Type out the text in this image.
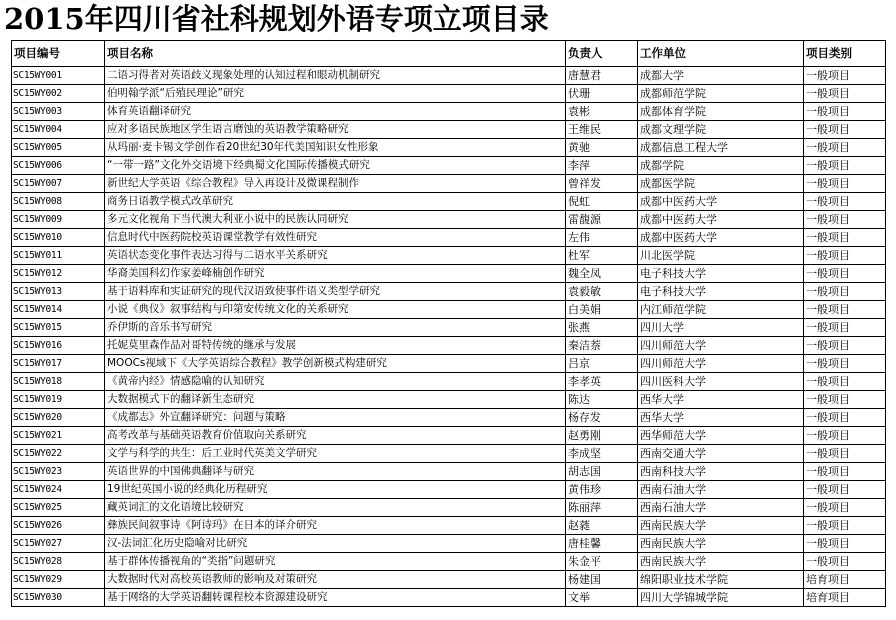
2015年四川省社科规划外语专项立项目录
项目编号	项目名称	负责人	工作单位	项目类别
SC15WY001	二语习得者对英语歧义现象处理的认知过程和眼动机制研究	唐慧君	成都大学	一般项目
SC15WY002	伯明翰学派“后殖民理论”研究	伏珊	成都师范学院	一般项目
SC15WY003	体育英语翻译研究	袁彬	成都体育学院	一般项目
SC15WY004	应对多语民族地区学生语言磨蚀的英语教学策略研究	王维民	成都文理学院	一般项目
SC15WY005	从玛丽·麦卡锡文学创作看20世纪30年代美国知识女性形象	黄驰	成都信息工程大学	一般项目
SC15WY006	“一带一路”文化外交语境下经典蜀文化国际传播模式研究	李萍	成都学院	一般项目
SC15WY007	新世纪大学英语《综合教程》导入再设计及微课程制作	曾祥发	成都医学院	一般项目
SC15WY008	商务日语教学模式改革研究	倪虹	成都中医药大学	一般项目
SC15WY009	多元文化视角下当代澳大利亚小说中的民族认同研究	雷馥源	成都中医药大学	一般项目
SC15WY010	信息时代中医药院校英语课堂教学有效性研究	左伟	成都中医药大学	一般项目
SC15WY011	英语状态变化事件表达习得与二语水平关系研究	杜军	川北医学院	一般项目
SC15WY012	华裔美国科幻作家姜峰楠创作研究	魏全凤	电子科技大学	一般项目
SC15WY013	基于语料库和实证研究的现代汉语致使事件语义类型学研究	袁毅敏	电子科技大学	一般项目
SC15WY014	小说《典仪》叙事结构与印第安传统文化的关系研究	白美娟	内江师范学院	一般项目
SC15WY015	乔伊斯的音乐书写研究	张燕	四川大学	一般项目
SC15WY016	托妮莫里森作品对哥特传统的继承与发展	秦洁萘	四川师范大学	一般项目
SC15WY017	MOOCs视域下《大学英语综合教程》教学创新模式构建研究	吕京	四川师范大学	一般项目
SC15WY018	《黄帝内经》情感隐喻的认知研究	李孝英	四川医科大学	一般项目
SC15WY019	大数据模式下的翻译新生态研究	陈达	西华大学	一般项目
SC15WY020	《成都志》外宣翻译研究：问题与策略	杨存发	西华大学	一般项目
SC15WY021	高考改革与基础英语教育价值取向关系研究	赵勇刚	西华师范大学	一般项目
SC15WY022	文学与科学的共生：后工业时代英美文学研究	李成坚	西南交通大学	一般项目
SC15WY023	英语世界的中国佛典翻译与研究	胡志国	西南科技大学	一般项目
SC15WY024	19世纪英国小说的经典化历程研究	黄伟珍	西南石油大学	一般项目
SC15WY025	藏英词汇的文化语境比较研究	陈丽萍	西南石油大学	一般项目
SC15WY026	彝族民间叙事诗《阿诗玛》在日本的译介研究	赵蕤	西南民族大学	一般项目
SC15WY027	汉-法词汇化历史隐喻对比研究	唐桂馨	西南民族大学	一般项目
SC15WY028	基于群体传播视角的“类指”问题研究	朱金平	西南民族大学	一般项目
SC15WY029	大数据时代对高校英语教师的影响及对策研究	杨建国	绵阳职业技术学院	培育项目
SC15WY030	基于网络的大学英语翻转课程校本资源建设研究	文举	四川大学锦城学院	培育项目
